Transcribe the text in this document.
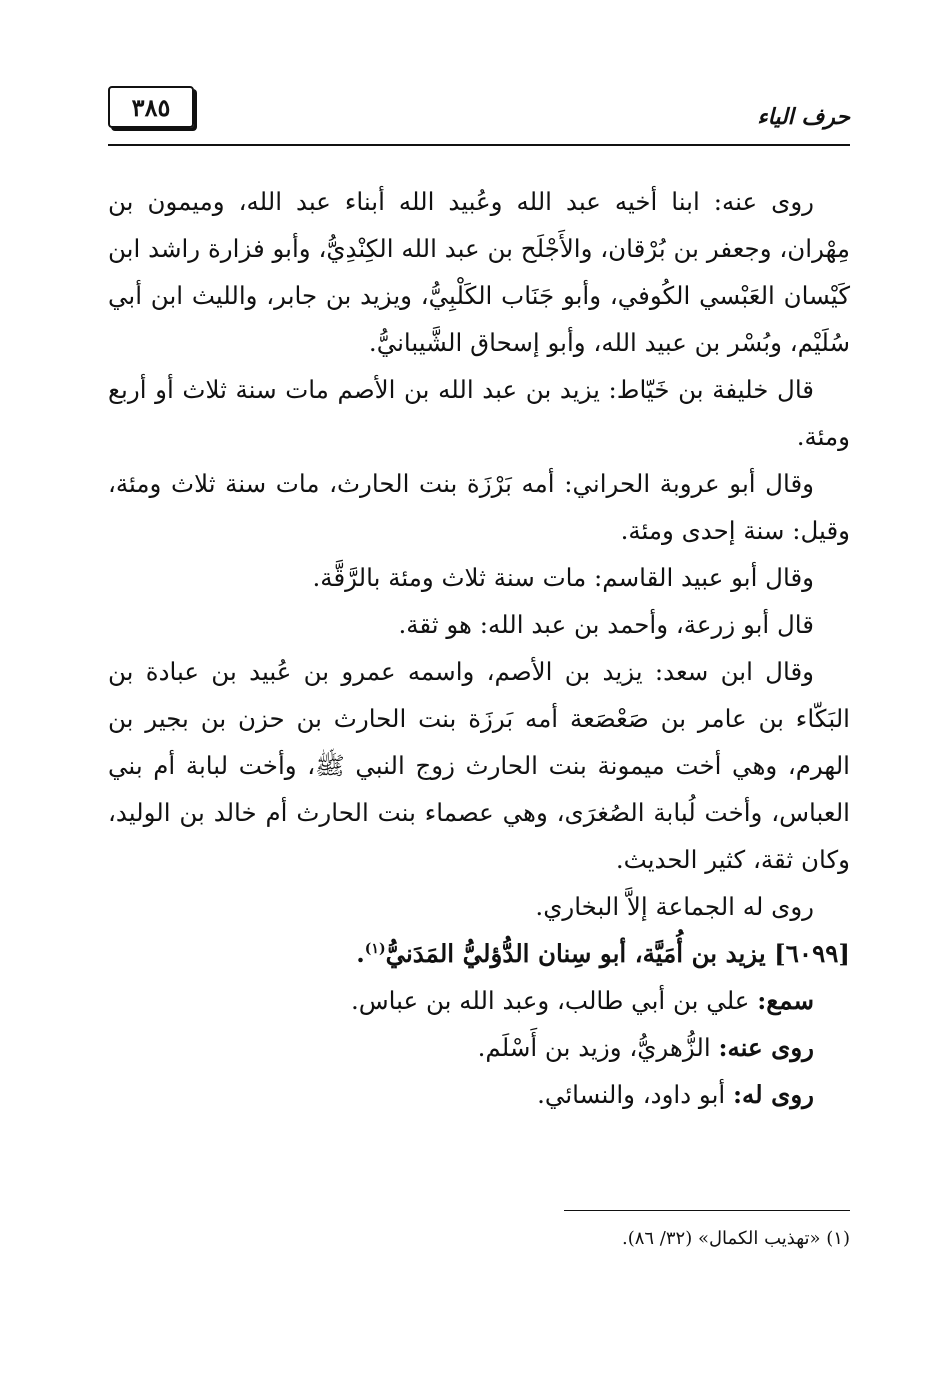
٣٨٥	حرف الياء

روى عنه: ابنا أخيه عبد الله وعُبيد الله أبناء عبد الله، وميمون بن مِهْران، وجعفر بن بُرْقان، والأَجْلَح بن عبد الله الكِنْدِيُّ، وأبو فزارة راشد ابن كَيْسان العَبْسي الكُوفي، وأبو جَنَاب الكَلْبِيُّ، ويزيد بن جابر، والليث ابن أبي سُلَيْم، وبُسْر بن عبيد الله، وأبو إسحاق الشَّيبانيُّ.

قال خليفة بن خَيّاط: يزيد بن عبد الله بن الأصم مات سنة ثلاث أو أربع ومئة.

وقال أبو عروبة الحراني: أمه بَرْزَة بنت الحارث، مات سنة ثلاث ومئة، وقيل: سنة إحدى ومئة.

وقال أبو عبيد القاسم: مات سنة ثلاث ومئة بالرَّقَّة.

قال أبو زرعة، وأحمد بن عبد الله: هو ثقة.

وقال ابن سعد: يزيد بن الأصم، واسمه عمرو بن عُبيد بن عبادة بن البَكّاء بن عامر بن صَعْصَعة أمه بَرزَة بنت الحارث بن حزن بن بجير بن الهرم، وهي أخت ميمونة بنت الحارث زوج النبي ﷺ، وأخت لبابة أم بني العباس، وأخت لُبابة الصُغرَى، وهي عصماء بنت الحارث أم خالد بن الوليد، وكان ثقة، كثير الحديث.

روى له الجماعة إلاَّ البخاري.

[٦٠٩٩] يزيد بن أُمَيَّة، أبو سِنان الدُّؤليُّ المَدَنيُّ$^{(١)}$.

سمع: علي بن أبي طالب، وعبد الله بن عباس.

روى عنه: الزُّهريُّ، وزيد بن أَسْلَم.

روى له: أبو داود، والنسائي.

(١) «تهذيب الكمال» (٣٢/ ٨٦).
